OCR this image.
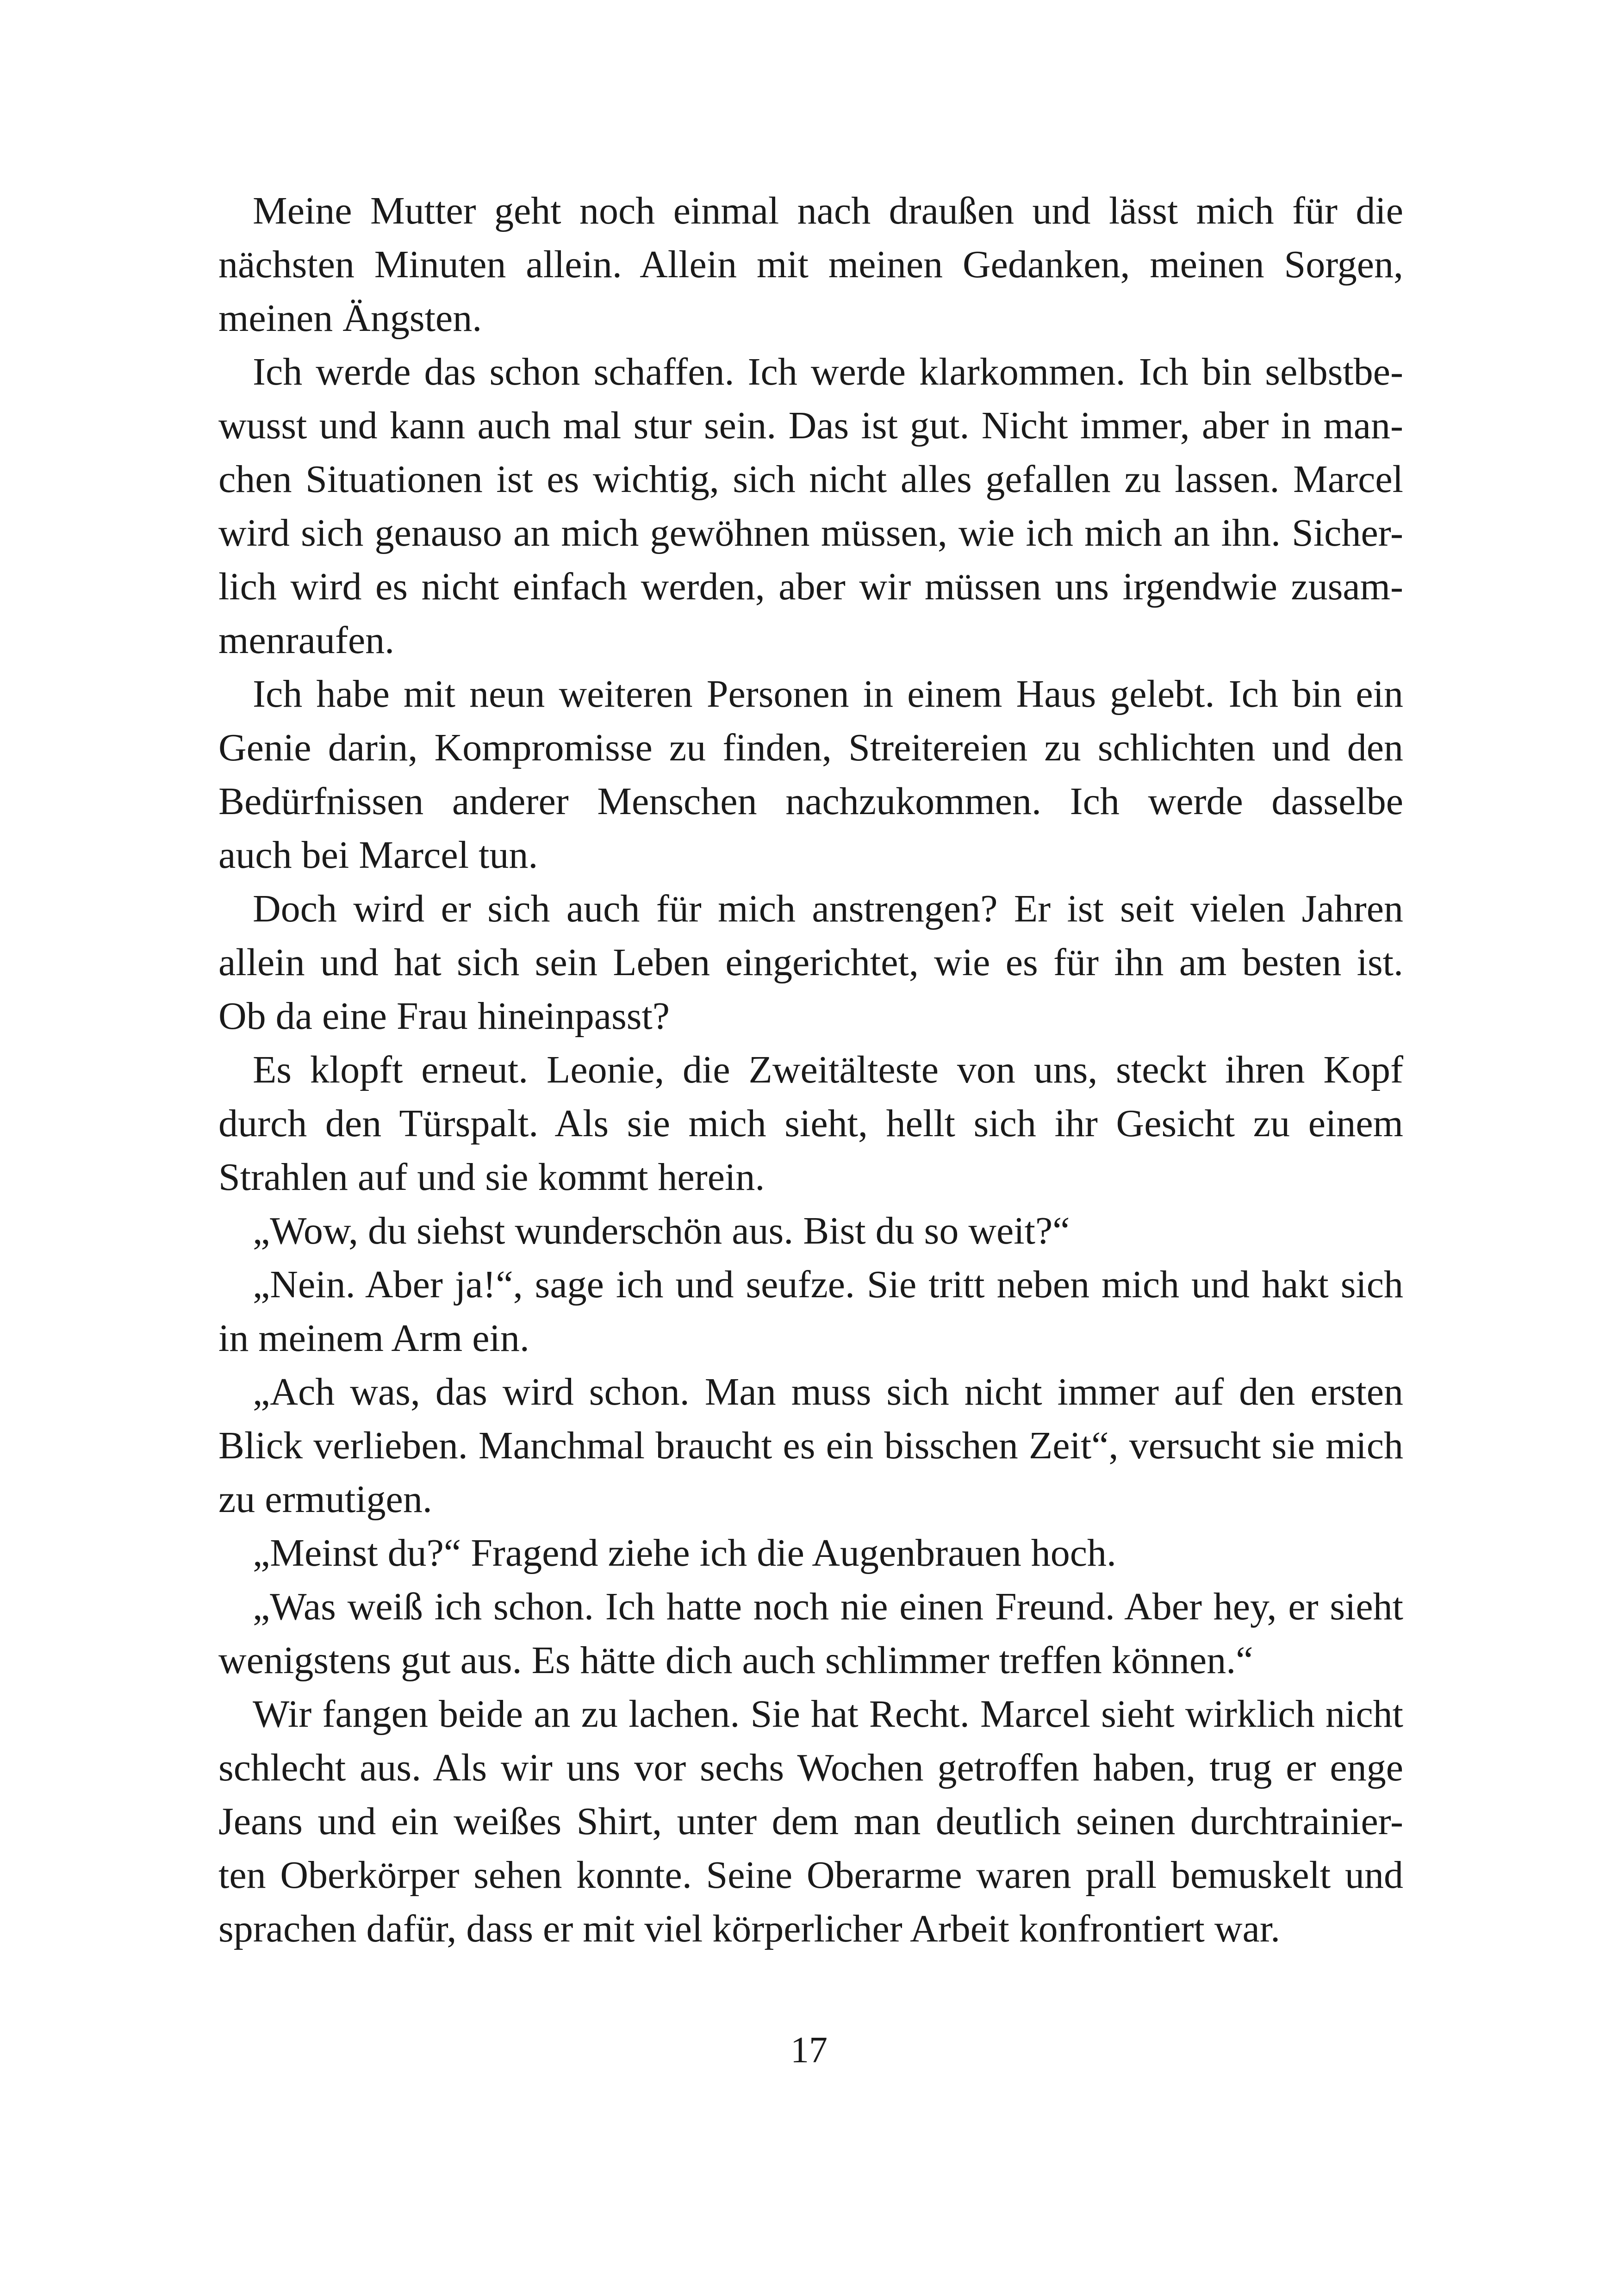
Meine Mutter geht noch einmal nach draußen und lässt mich für die
nächsten Minuten allein. Allein mit meinen Gedanken, meinen Sorgen,
meinen Ängsten.
Ich werde das schon schaffen. Ich werde klarkommen. Ich bin selbstbe-
wusst und kann auch mal stur sein. Das ist gut. Nicht immer, aber in man-
chen Situationen ist es wichtig, sich nicht alles gefallen zu lassen. Marcel
wird sich genauso an mich gewöhnen müssen, wie ich mich an ihn. Sicher-
lich wird es nicht einfach werden, aber wir müssen uns irgendwie zusam-
menraufen.
Ich habe mit neun weiteren Personen in einem Haus gelebt. Ich bin ein
Genie darin, Kompromisse zu finden, Streitereien zu schlichten und den
Bedürfnissen anderer Menschen nachzukommen. Ich werde dasselbe
auch bei Marcel tun.
Doch wird er sich auch für mich anstrengen? Er ist seit vielen Jahren
allein und hat sich sein Leben eingerichtet, wie es für ihn am besten ist.
Ob da eine Frau hineinpasst?
Es klopft erneut. Leonie, die Zweitälteste von uns, steckt ihren Kopf
durch den Türspalt. Als sie mich sieht, hellt sich ihr Gesicht zu einem
Strahlen auf und sie kommt herein.
„Wow, du siehst wunderschön aus. Bist du so weit?“
„Nein. Aber ja!“, sage ich und seufze. Sie tritt neben mich und hakt sich
in meinem Arm ein.
„Ach was, das wird schon. Man muss sich nicht immer auf den ersten
Blick verlieben. Manchmal braucht es ein bisschen Zeit“, versucht sie mich
zu ermutigen.
„Meinst du?“ Fragend ziehe ich die Augenbrauen hoch.
„Was weiß ich schon. Ich hatte noch nie einen Freund. Aber hey, er sieht
wenigstens gut aus. Es hätte dich auch schlimmer treffen können.“
Wir fangen beide an zu lachen. Sie hat Recht. Marcel sieht wirklich nicht
schlecht aus. Als wir uns vor sechs Wochen getroffen haben, trug er enge
Jeans und ein weißes Shirt, unter dem man deutlich seinen durchtrainier-
ten Oberkörper sehen konnte. Seine Oberarme waren prall bemuskelt und
sprachen dafür, dass er mit viel körperlicher Arbeit konfrontiert war.
17
